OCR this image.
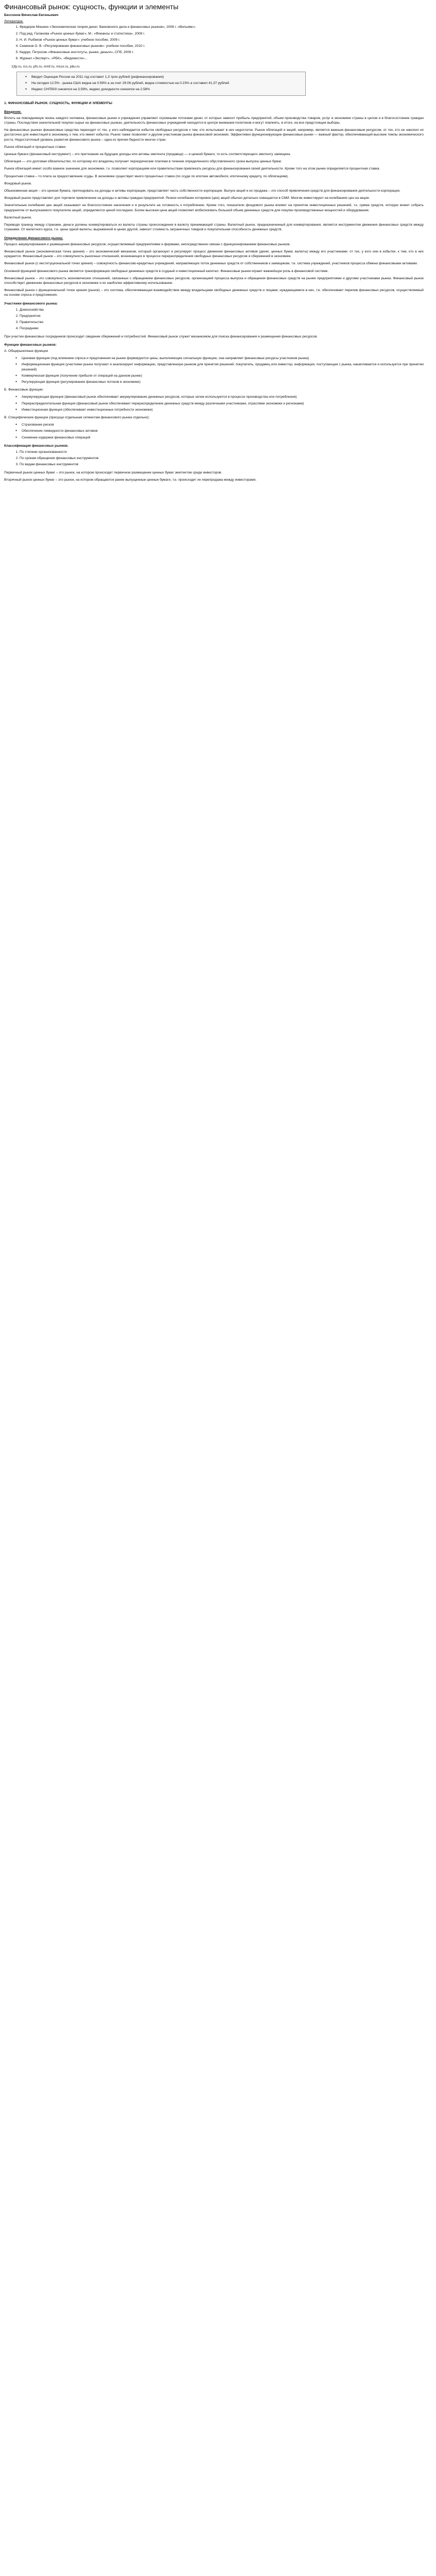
Финансовый рынок: сущность, функции и элементы
Бессонов Вячеслав Евгеньевич
Литература:
1. Фредерик Мишкин «Экономическая теория денег, банковского дела и финансовых рынков», 2008 г. «Вильямс».
2. Под ред. Галанова «Рынок ценных бумаг», М.: «Финансы и статистика», 2008 г.
3. Н. И. Рыбиков «Рынок ценных бумаг»: учебное пособие, 2009 г.
4. Семенов О. В. «Регулирование финансовых рынков»: учебное пособие, 2010 г.
5. Кедрук, Петросян «Финансовые институты, рынки, деньги», СПб, 2009 г.
6. Журнал «Эксперт», «РБК», «Ведомости»...
1)fp.ru, rcs.ru, pfs.ru, mmf.ru, mcsx.ru, pbu.ru
● Вводит Оценщик России на 2011 год составит 1,3 трлн рублей (рефинансирования)
● На сегодня 12.5% - рынка США видна на 0.59% а за счет 29.06 рублей, видна стоимостью на 0.23% а составил 41,37 рублей
● Индекс СНП500 снизился на 3,59%, индекс доходности снизился на 2.58%
1. ФИНАНСОВЫЙ РЫНОК. СУЩНОСТЬ, ФУНКЦИИ И ЭЛЕМЕНТЫ
Введение.
Вплоть на повседневную жизнь каждого человека, финансовые рынки и учреждения управляют огромными потоками денег, от которых зависит прибыль предприятий, объем производства товаров, услуг в экономике страны в целом и в благосостояние граждан страны. Последствия значительной покупки сырья на финансовых рынках, деятельность финансовых учреждений находится в центре внимания политиков и могут повлиять, в итоге, на все предстоящие выборы.
На финансовых рынках финансовые средства переходят от тех, у кого наблюдается избыток свободных ресурсов к тем, кто испытывает в них недостаток. Рынок облигаций и акций, например, является важным финансовым ресурсом, от тех, кто не накопил их достаточно для инвестиций в экономику, к тем, кто имеет избыток. Рынок также позволяет и другим участникам рынка финансовой экономии. Эффективно функционирующие финансовые рынки — важный фактор, обеспечивающий высокие темпы экономического роста. Недостаточный уровень развития финансового рынка – одна из причин бедности многих стран.
Рынок облигаций и процентные ставки.
Ценные бумаги (финансовый инструмент) – это притязание на будущие доходы или активы эмитента (продавца) — и ценной бумаги, то есть соответствующего эмитенту заемщика.
Облигация — это долговая обязательство, по которому его владелец получает периодические платежи в течение определенного обусловленного срока выпуска ценных бумаг.
Рынок облигаций имеет особо важное значение для экономики, т.к. позволяет корпорациям или правительствам привлекать ресурсы для финансирования своей деятельности. Кроме того на этом рынке определяется процентная ставка.
Процентная ставка – то плата за предоставление ссуды. В экономике существует много процентных ставок (по ссуде по ипотеке автомобиля, ипотечному кредиту, по облигациям).
Фондовый рынок.
Обыкновенная акция – это ценная бумага, претендовать на доходы и активы корпорации, представляет часть собственности корпорации. Выпуск акций и их продажа – это способ привлечения средств для финансирования деятельности корпорации.
Фондовый рынок представляет для торговли привлечение на доходы и активы граждан предприятий. Резкое колебание котировок (цен) акций обычно детально освещается в СМИ. Многие инвестируют на колебаниях цен на акции.
Значительные колебания цен акций оказывают на благосостояние населения и в результате на готовность к потреблению. Кроме того, показатели фондового рынка влияют на принятие инвестиционных решений, т.к. сумма средств, которую может собрать предприятие от выпускаемого покупателю акций, определяется ценой последних. Более высокая цена акций позволяет мобилизовать большой объем денежных средств для покупки производственных мощностей и оборудования.
Валютный рынок.
Переводя границу между странами, деньги должны конвертироваться из валюты страны происхождения в валюту принимающей страны. Валютный рынок, предназначенный для конвертирования, является инструментом движения финансовых средств между странами. От валютного курса, т.е. цены одной валюты, выраженной в ценах другой, зависит стоимость заграничных товаров и покупательная способность денежных средств.
Определение финансового рынка:
Процесс аккумулирования и размещения финансовых ресурсов, осуществляемый предприятиями и фирмами, непосредственно связан с функционированием финансовых рынков.
Финансовый рынок (экономическая точка зрения) – это экономический механизм, который организует и регулирует процесс движения финансовых активов (денег, ценных бумаг, валюты) между его участниками: от тех, у кого они в избытке, к тем, кто в них нуждается. Финансовый рынок – это совокупность рыночных отношений, возникающих в процессе перераспределения свободных финансовых ресурсов и сбережений в экономике.
Финансовый рынок (с институциональной точки зрения) – совокупность финансово-кредитных учреждений, направляющих поток денежных средств от собственников к заемщикам, т.е. система учреждений, участников процесса обмена финансовыми активами.
Основной функцией финансового рынка является трансформация свободных денежных средств в ссудный и инвестиционный капитал. Финансовые рынки играют важнейшую роль в финансовой системе.
Финансовый рынок – это совокупность экономических отношений, связанных с обращением финансовых ресурсов, организацией процесса выпуска и обращения финансовых средств на рынке предприятиями и другими участниками рынка. Финансовый рынок способствует движению финансовых ресурсов в экономике и их наиболее эффективному использованию.
Финансовый рынок с функциональной точки зрения (рынок) – это система, обеспечивающая взаимодействие между владельцами свободных денежных средств и лицами, нуждающимися в них, т.е. обеспечивает перелив финансовых ресурсов, осуществляемый на основе спроса и предложения.
Участники финансового рынка:
1. Домохозяйства
2. Предприятия
3. Правительство
4. Посредники
При участии финансовых посредников происходит сведение сбережений и потребностей. Финансовый рынок служит механизмом для поиска финансирования и размещения финансовых ресурсов.
Функции финансовых рынков:
А. Общерыночные функции
● Ценовая функция (под влиянием спроса и предложения на рынке формируются цены, выполняющие сигнальную функцию, она направляет финансовые ресурсы участников рынка)
● Информационная функция (участники рынка получают и анализируют информацию, представленную рынком для принятия решений; покупатель, продавец или инвестор, информация, поступающая с рынка, накапливается и используется при принятии решений)
● Коммерческая функция (получение прибыли от операций на данном рынке)
● Регулирующая функция (регулирование финансовых потоков в экономике)
Б. Финансовые функции:
● Аккумулирующая функция (финансовый рынок обеспечивает аккумулирование денежных ресурсов, которые затем используются в процессе производства или потребления)
● Перераспределительная функция (финансовый рынок обеспечивает перераспределение денежных средств между различными участниками, отраслями экономики и регионами)
● Инвестиционная функция (обеспечивает инвестиционные потребности экономики)
В. Специфические функции (присущи отдельным сегментам финансового рынка отдельно):
● Страхование рисков
● Обеспечение ликвидности финансовых активов
● Снижение издержек финансовых операций
Классификация финансовых рынков.
1. По степени организованности
2. По срокам обращения финансовых инструментов
3. По видам финансовых инструментов
Первичный рынок ценных бумаг – это рынок, на котором происходит первичное размещение ценных бумаг эмитентом среди инвесторов.
Вторичный рынок ценных бумаг – это рынок, на котором обращаются ранее выпущенные ценные бумаги, т.е. происходит их перепродажа между инвесторами.
